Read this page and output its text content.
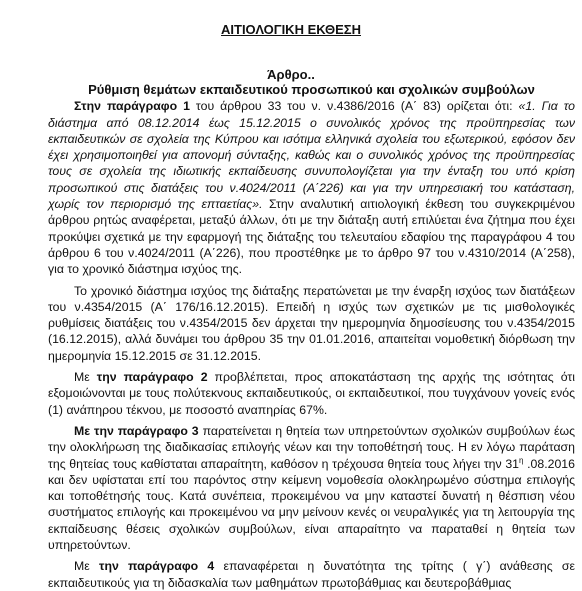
ΑΙΤΙΟΛΟΓΙΚΗ ΕΚΘΕΣΗ
Άρθρο..

Ρύθμιση θεμάτων εκπαιδευτικού προσωπικού και σχολικών συμβούλων

Στην παράγραφο 1 του άρθρου 33 του ν. ν.4386/2016 (Α΄ 83) ορίζεται ότι: «1. Για το διάστημα από 08.12.2014 έως 15.12.2015 ο συνολικός χρόνος της προϋπηρεσίας των εκπαιδευτικών σε σχολεία της Κύπρου και ισότιμα ελληνικά σχολεία του εξωτερικού, εφόσον δεν έχει χρησιμοποιηθεί για απονομή σύνταξης, καθώς και ο συνολικός χρόνος της προϋπηρεσίας τους σε σχολεία της ιδιωτικής εκπαίδευσης συνυπολογίζεται για την ένταξη του υπό κρίση προσωπικού στις διατάξεις του ν.4024/2011 (Α΄226) και για την υπηρεσιακή του κατάσταση, χωρίς τον περιορισμό της επταετίας». Στην αναλυτική αιτιολογική έκθεση του συγκεκριμένου άρθρου ρητώς αναφέρεται, μεταξύ άλλων, ότι με την διάταξη αυτή επιλύεται ένα ζήτημα που έχει προκύψει σχετικά με την εφαρμογή της διάταξης του τελευταίου εδαφίου της παραγράφου 4 του άρθρου 6 του ν.4024/2011 (Α΄226), που προστέθηκε με το άρθρο 97 του ν.4310/2014 (Α΄258), για το χρονικό διάστημα ισχύος της.

Το χρονικό διάστημα ισχύος της διάταξης περατώνεται με την έναρξη ισχύος των διατάξεων του ν.4354/2015 (Α΄ 176/16.12.2015). Επειδή η ισχύς των σχετικών με τις μισθολογικές ρυθμίσεις διατάξεις του ν.4354/2015 δεν άρχεται την ημερομηνία δημοσίευσης του ν.4354/2015 (16.12.2015), αλλά δυνάμει του άρθρου 35 την 01.01.2016, απαιτείται νομοθετική διόρθωση την ημερομηνία 15.12.2015 σε 31.12.2015.

Με την παράγραφο 2 προβλέπεται, προς αποκατάσταση της αρχής της ισότητας ότι εξομοιώνονται με τους πολύτεκνους εκπαιδευτικούς, οι εκπαιδευτικοί, που τυγχάνουν γονείς ενός (1) ανάπηρου τέκνου, με ποσοστό αναπηρίας 67%.

Με την παράγραφο 3 παρατείνεται η θητεία των υπηρετούντων σχολικών συμβούλων έως την ολοκλήρωση της διαδικασίας επιλογής νέων και την τοποθέτησή τους. Η εν λόγω παράταση της θητείας τους καθίσταται απαραίτητη, καθόσον η τρέχουσα θητεία τους λήγει την $31^\eta$ .08.2016 και δεν υφίσταται επί του παρόντος στην κείμενη νομοθεσία ολοκληρωμένο σύστημα επιλογής και τοποθέτησής τους. Κατά συνέπεια, προκειμένου να μην καταστεί δυνατή η θέσπιση νέου συστήματος επιλογής και προκειμένου να μην μείνουν κενές οι νευραλγικές για τη λειτουργία της εκπαίδευσης θέσεις σχολικών συμβούλων, είναι απαραίτητο να παραταθεί η θητεία των υπηρετούντων.

Με την παράγραφο 4 επαναφέρεται η δυνατότητα της τρίτης ( γ΄) ανάθεσης σε εκπαιδευτικούς για τη διδασκαλία των μαθημάτων πρωτοβάθμιας και δευτεροβάθμιας
